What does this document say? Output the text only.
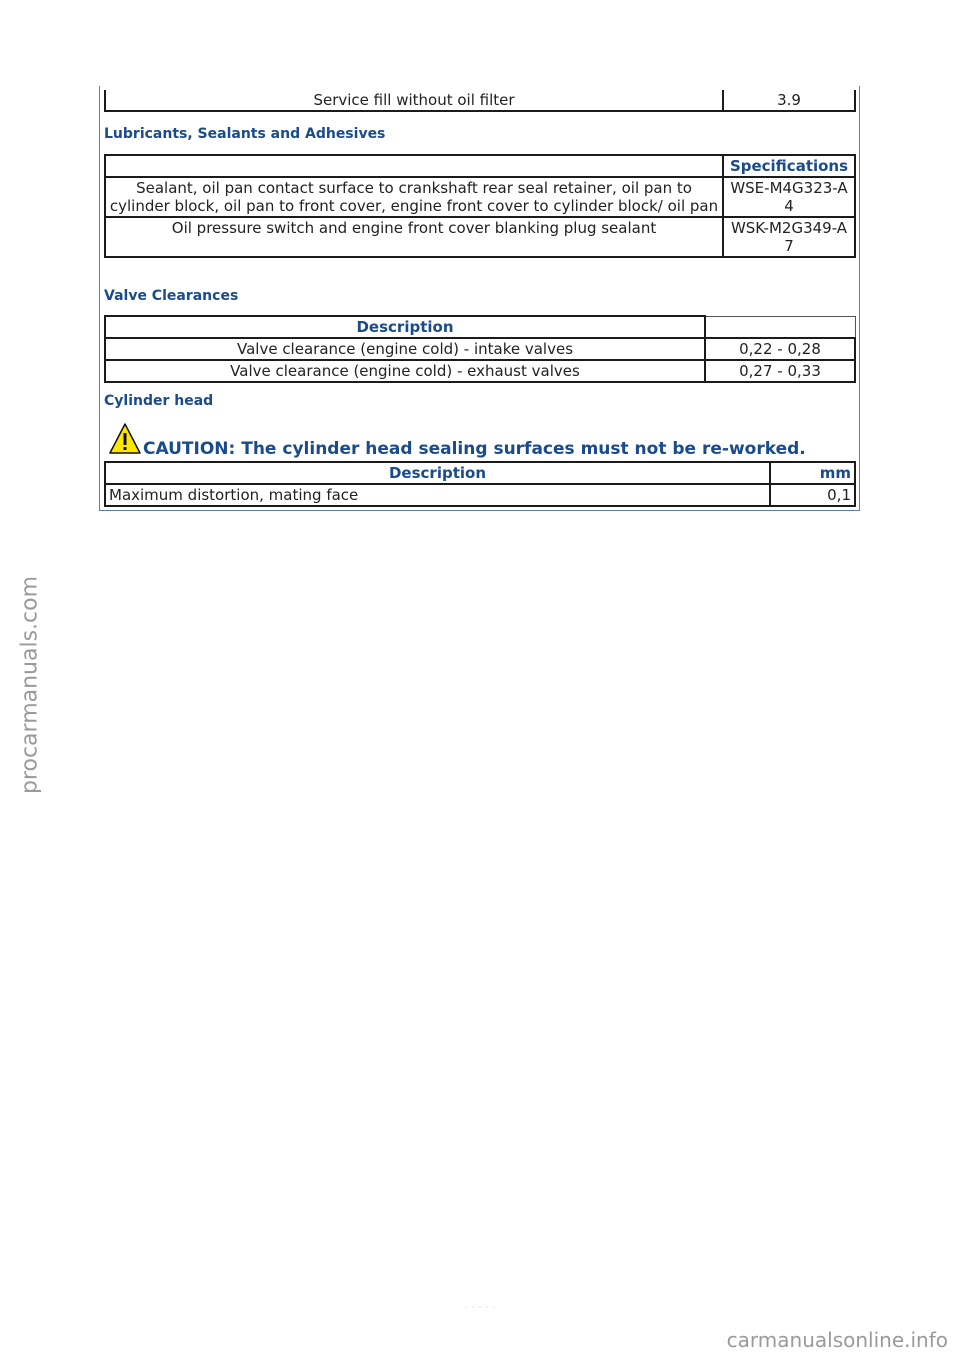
Service fill without oil filter	3.9
Lubricants, Sealants and Adhesives
	Specifications
Sealant, oil pan contact surface to crankshaft rear seal retainer, oil pan to cylinder block, oil pan to front cover, engine front cover to cylinder block/ oil pan	WSE-M4G323-A4
Oil pressure switch and engine front cover blanking plug sealant	WSK-M2G349-A7
Valve Clearances
Description	
Valve clearance (engine cold) - intake valves	0,22 - 0,28
Valve clearance (engine cold) - exhaust valves	0,27 - 0,33
Cylinder head
CAUTION: The cylinder head sealing surfaces must not be re-worked.
Description	mm
Maximum distortion, mating face	0,1
procarmanuals.com
- - - - -
carmanualsonline.info
